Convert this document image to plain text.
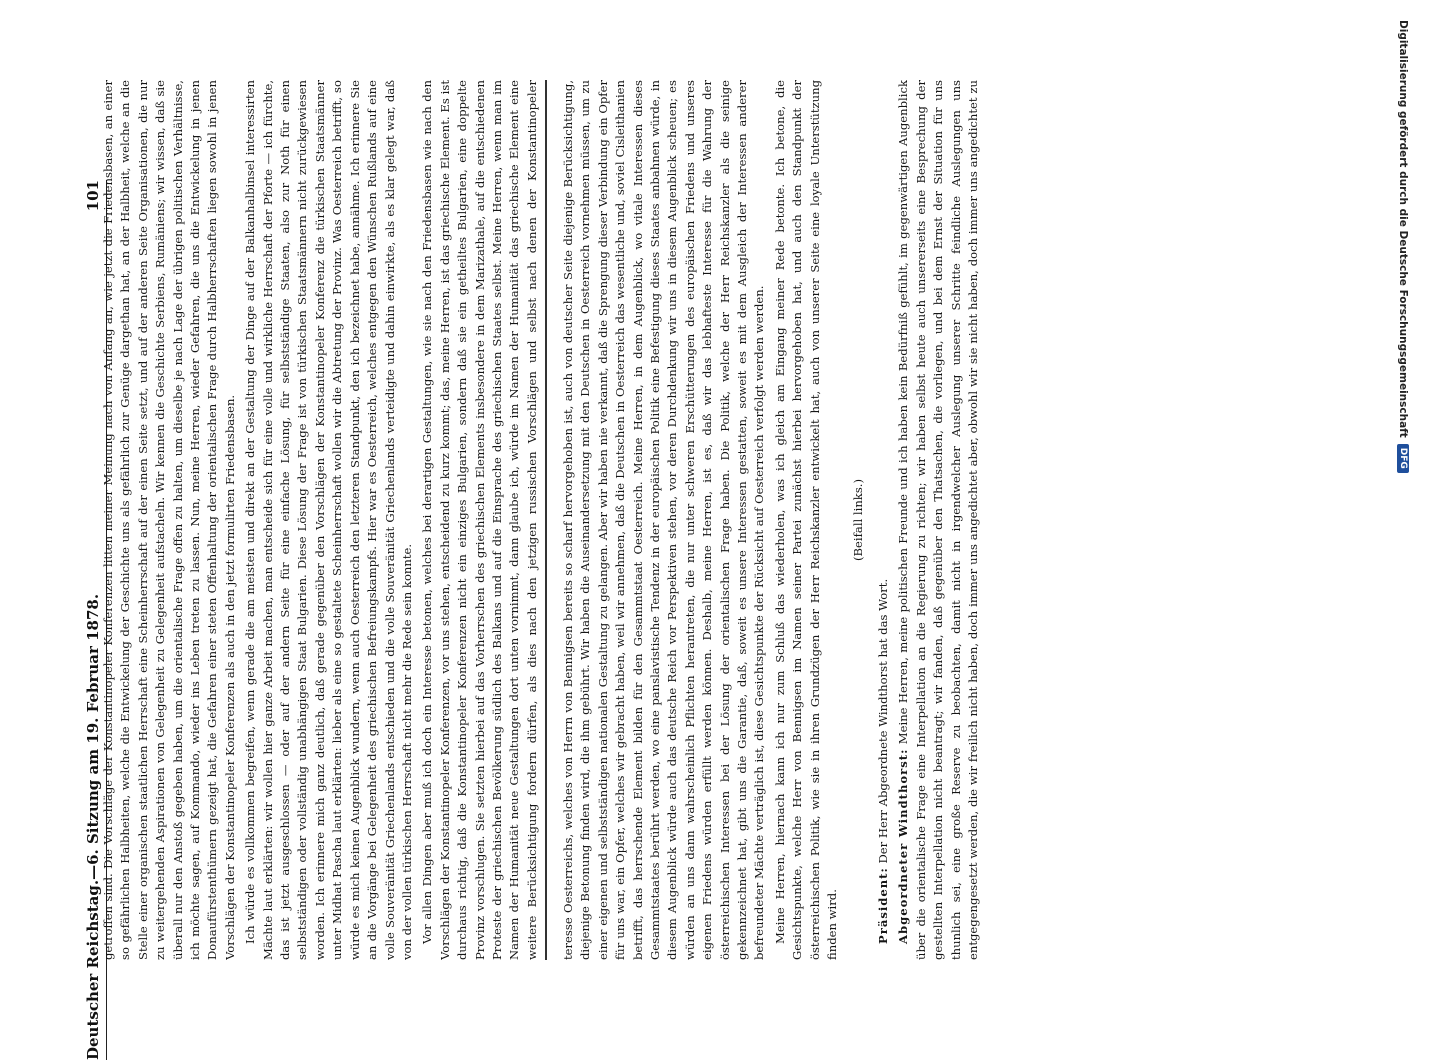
Deutscher Reichstag.
—
6. Sitzung am 19. Februar 1878.
101 getroffen sind. Die Vorschläge der Konstantinopeler Konferenzen litten meiner Meinung nach von Anfang an, wie jetzt die Friedensbasen, an einer so gefährlichen Halbheiten, welche die Entwickelung der Geschichte uns als gefährlich zur Genüge dargethan hat, an der Halbheit, welche an die Stelle einer organischen staatlichen Herrschaft eine Scheinherrschaft auf der einen Seite setzt, und auf der anderen Seite Organisationen, die nur zu weitergehenden Aspirationen von Gelegenheit zu Gelegenheit aufstacheln. Wir kennen die Geschichte Serbiens, Rumäniens; wir wissen, daß sie überall nur den Anstoß gegeben haben, um die orientalische Frage offen zu halten, um dieselbe je nach Lage der übrigen politischen Verhältnisse, ich möchte sagen, auf Kommando, wieder ins Leben treten zu lassen. Nun, meine Herren, wieder Gefahren, die uns die Entwickelung in jenen Donaufürstenthümern gezeigt hat, die Gefahren einer steten Offenhaltung der orientalischen Frage durch Halbherrschaften liegen sowohl in jenen Vorschlägen der Konstantinopeler Konferenzen als auch in den jetzt formulirten Friedensbasen. Ich würde es vollkommen begreifen, wenn gerade die am meisten und direkt an der Gestaltung der Dinge auf der Balkanhalbinsel interessirten Mächte laut erklärten: wir wollen hier ganze Arbeit machen, man entscheide sich für eine volle und wirkliche Herrschaft der Pforte — ich fürchte, das ist jetzt ausgeschlossen — oder auf der andern Seite für eine einfache Lösung, für selbstständige Staaten, also zur Noth für einen selbstständigen oder vollständig unabhängigen Staat Bulgarien. Diese Lösung der Frage ist von türkischen Staatsmännern nicht zurückgewiesen worden. Ich erinnere mich ganz deutlich, daß gerade gegenüber den Vorschlägen der Konstantinopeler Konferenz die türkischen Staatsmänner unter Midhat Pascha laut erklärten: lieber als eine so gestaltete Scheinherrschaft wollen wir die Abtretung der Provinz. Was Oesterreich betrifft, so würde es mich keinen Augenblick wundern, wenn auch Oesterreich den letzteren Standpunkt, den ich bezeichnet habe, annähme. Ich erinnere Sie an die Vorgänge bei Gelegenheit des griechischen Befreiungskampfs. Hier war es Oesterreich, welches entgegen den Wünschen Rußlands auf eine volle Souveränität Griechenlands entschieden und die volle Souveränität Griechenlands verteidigte und dahin einwirkte, als es klar gelegt war, daß von der vollen türkischen Herrschaft nicht mehr die Rede sein konnte. Vor allen Dingen aber muß ich doch ein Interesse betonen, welches bei derartigen Gestaltungen, wie sie nach den Friedensbasen wie nach den Vorschlägen der Konstantinopeler Konferenzen, vor uns stehen, entscheidend zu kurz kommt; das, meine Herren, ist das griechische Element. Es ist durchaus richtig, daß die Konstantinopeler Konferenzen nicht ein einziges Bulgarien, sondern daß sie ein getheiltes Bulgarien, eine doppelte Provinz vorschlugen. Sie setzten hierbei auf das Vorherrschen des griechischen Elements insbesondere in dem Marizathale, auf die entschiedenen Proteste der griechischen Bevölkerung südlich des Balkans und auf die Einsprache des griechischen Staates selbst. Meine Herren, wenn man im Namen der Humanität neue Gestaltungen dort unten vornimmt, dann glaube ich, würde im Namen der Humanität das griechische Element eine weitere Berücksichtigung fordern dürfen, als dies nach den jetzigen russischen Vorschlägen und selbst nach denen der Konstantinopeler	teresse Oesterreichs, welches von Herrn von Bennigsen bereits so scharf hervorgehoben ist, auch von deutscher Seite diejenige Berücksichtigung, diejenige Betonung finden wird, die ihm gebührt. Wir haben die Auseinandersetzung mit den Deutschen in Oesterreich vornehmen müssen, um zu einer eigenen und selbstständigen nationalen Gestaltung zu gelangen. Aber wir haben nie verkannt, daß die Sprengung dieser Verbindung ein Opfer für uns war, ein Opfer, welches wir gebracht haben, weil wir annehmen, daß die Deutschen in Oesterreich das wesentliche und, soviel Cisleithanien betrifft, das herrschende Element bilden für den Gesammtstaat Oesterreich. Meine Herren, in dem Augenblick, wo vitale Interessen dieses Gesammtstaates berührt werden, wo eine panslavistische Tendenz in der europäischen Politik eine Befestigung dieses Staates anbahnen würde, in diesem Augenblick würde auch das deutsche Reich vor Perspektiven stehen, vor deren Durchdenkung wir uns in diesem Augenblick scheuen; es würden an uns dann wahrscheinlich Pflichten herantreten, die nur unter schweren Erschütterungen des europäischen Friedens und unseres eigenen Friedens würden erfüllt werden können. Deshalb, meine Herren, ist es, daß wir das lebhafteste Interesse für die Wahrung der österreichischen Interessen bei der Lösung der orientalischen Frage haben. Die Politik, welche der Herr Reichskanzler als die seinige gekennzeichnet hat, gibt uns die Garantie, daß, soweit es unsere Interessen gestatten, soweit es mit dem Ausgleich der Interessen anderer befreundeter Mächte verträglich ist, diese Gesichtspunkte der Rücksicht auf Oesterreich verfolgt werden werden. Meine Herren, hiernach kann ich nur zum Schluß das wiederholen, was ich gleich am Eingang meiner Rede betonte. Ich betone, die Gesichtspunkte, welche Herr von Bennigsen im Namen seiner Partei zunächst hierbei hervorgehoben hat, und auch den Standpunkt der österreichischen Politik, wie sie in ihren Grundzügen der Herr Reichskanzler entwickelt hat, auch von unserer Seite eine loyale Unterstützung finden wird.

(Beifall links.)

Präsident: Der Herr Abgeordnete Windthorst hat das Wort. Abgeordneter Windthorst: Meine Herren, meine politischen Freunde und ich haben kein Bedürfniß gefühlt, im gegenwärtigen Augenblick über die orientalische Frage eine Interpellation an die Regierung zu richten; wir haben selbst heute auch unsererseits eine Besprechung der gestellten Interpellation nicht beantragt; wir fanden, daß gegenüber den Thatsachen, die vorliegen, und bei dem Ernst der Situation für uns thunlich sei, eine große Reserve zu beobachten, damit nicht in irgendwelcher Auslegung unserer Schritte feindliche Auslegungen uns entgegengesetzt werden, die wir freilich nicht haben, doch immer uns angedichtet aber, obwohl wir sie nicht haben, doch immer uns angedichtet zu	Digitalisierung gefördert durch die Deutsche Forschungsgemeinschaft
DFG
